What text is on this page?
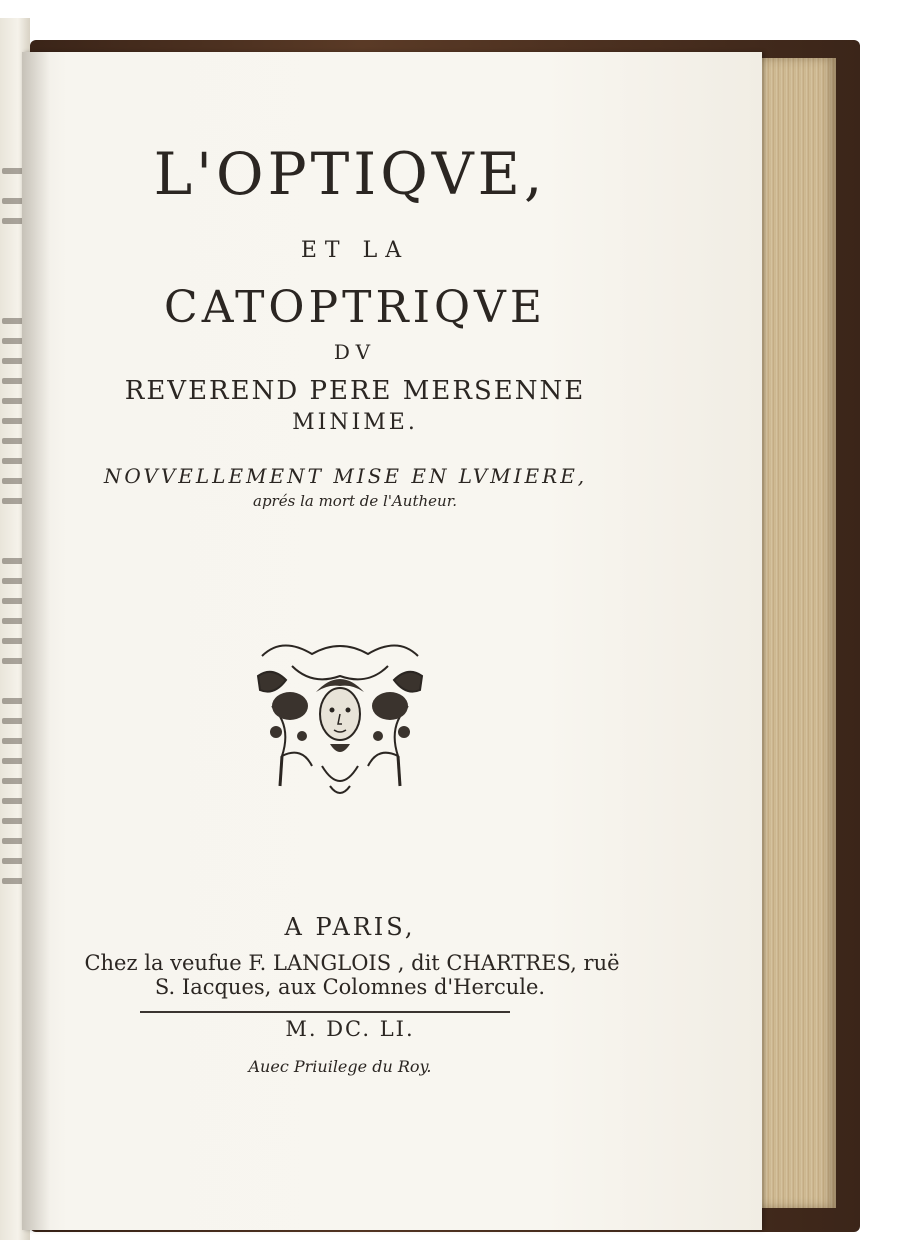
L'OPTIQVE,
ET LA
CATOPTRIQVE
DV
REVEREND PERE MERSENNE
MINIME.
NOVVELLEMENT MISE EN LVMIERE,
aprés la mort de l'Autheur.
A PARIS,
Chez la veufue F. LANGLOIS , dit CHARTRES, ruë
S. Iacques, aux Colomnes d'Hercule.
M. DC. LI.
Auec Priuilege du Roy.
